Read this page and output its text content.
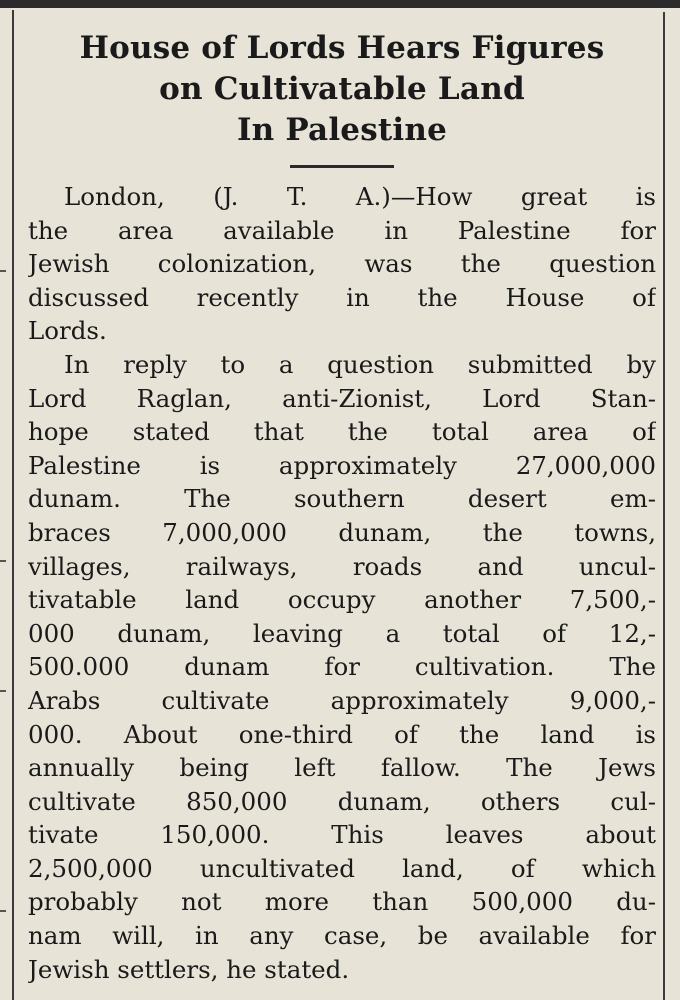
House of Lords Hears Figures
on Cultivatable Land
In Palestine
London, (J. T. A.)—How great is
the area available in Palestine for
Jewish colonization, was the question
discussed recently in the House of
Lords.
In reply to a question submitted by
Lord Raglan, anti-Zionist, Lord Stan-
hope stated that the total area of
Palestine is approximately 27,000,000
dunam. The southern desert em-
braces 7,000,000 dunam, the towns,
villages, railways, roads and uncul-
tivatable land occupy another 7,500,-
000 dunam, leaving a total of 12,-
500.000 dunam for cultivation. The
Arabs cultivate approximately 9,000,-
000. About one-third of the land is
annually being left fallow. The Jews
cultivate 850,000 dunam, others cul-
tivate 150,000. This leaves about
2,500,000 uncultivated land, of which
probably not more than 500,000 du-
nam will, in any case, be available for
Jewish settlers, he stated.
